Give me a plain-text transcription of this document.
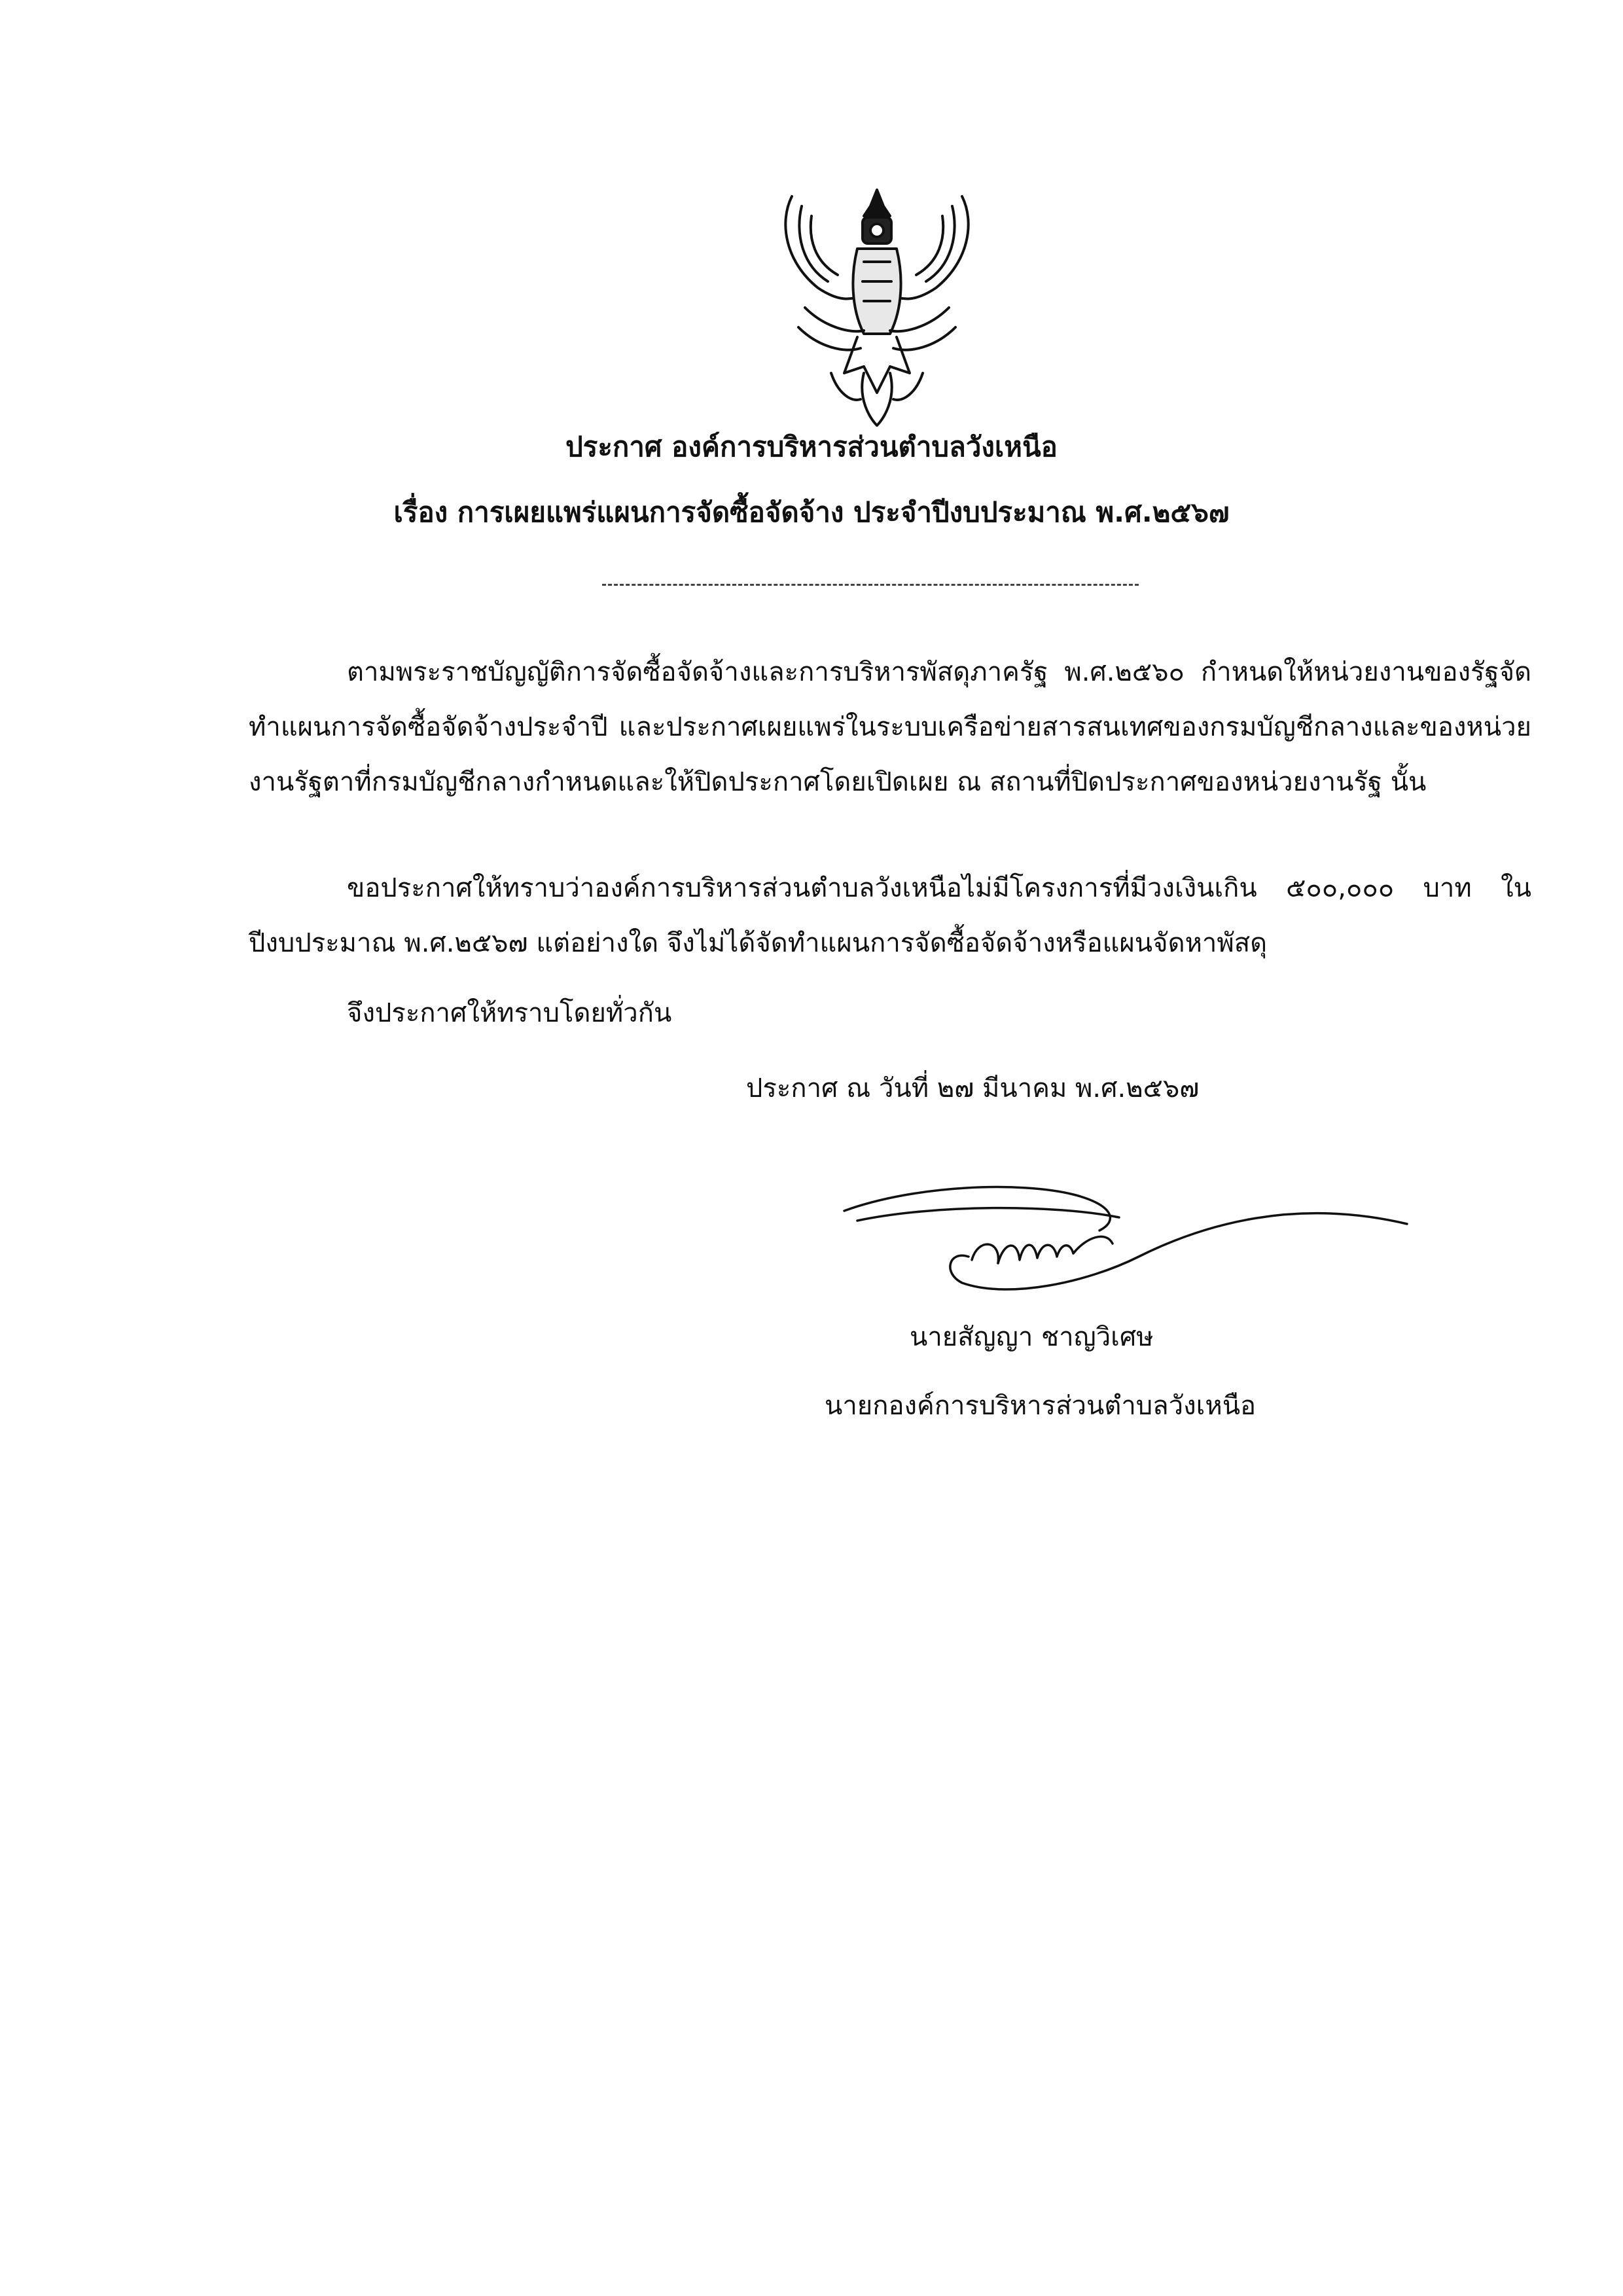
ประกาศ องค์การบริหารส่วนตำบลวังเหนือ
เรื่อง การเผยแพร่แผนการจัดซื้อจัดจ้าง ประจำปีงบประมาณ พ.ศ.๒๕๖๗
ตามพระราชบัญญัติการจัดซื้อจัดจ้างและการบริหารพัสดุภาครัฐ พ.ศ.๒๕๖๐ กำหนดให้หน่วยงานของรัฐจัดทำแผนการจัดซื้อจัดจ้างประจำปี และประกาศเผยแพร่ในระบบเครือข่ายสารสนเทศของกรมบัญชีกลางและของหน่วยงานรัฐตาที่กรมบัญชีกลางกำหนดและให้ปิดประกาศโดยเปิดเผย ณ สถานที่ปิดประกาศของหน่วยงานรัฐ นั้น
ขอประกาศให้ทราบว่าองค์การบริหารส่วนตำบลวังเหนือไม่มีโครงการที่มีวงเงินเกิน ๕๐๐,๐๐๐ บาท ในปีงบประมาณ พ.ศ.๒๕๖๗ แต่อย่างใด จึงไม่ได้จัดทำแผนการจัดซื้อจัดจ้างหรือแผนจัดหาพัสดุ
จึงประกาศให้ทราบโดยทั่วกัน
ประกาศ ณ วันที่ ๒๗ มีนาคม พ.ศ.๒๕๖๗
นายสัญญา ชาญวิเศษ
นายกองค์การบริหารส่วนตำบลวังเหนือ
